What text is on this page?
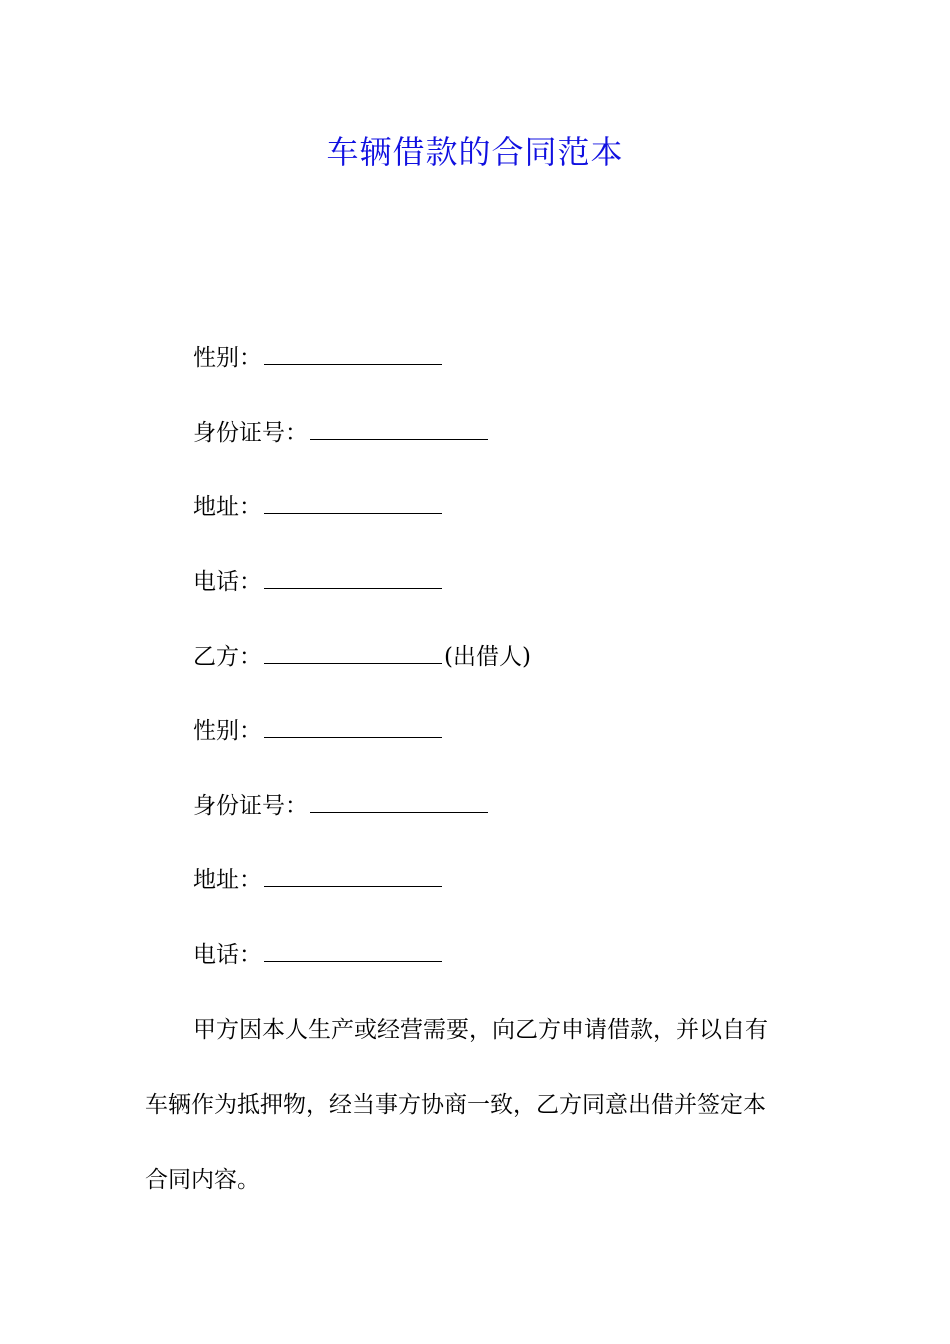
车辆借款的合同范本
性别：
身份证号：
地址：
电话：
乙方：	(出借人)
性别：
身份证号：
地址：
电话：
甲方因本人生产或经营需要，向乙方申请借款，并以自有
车辆作为抵押物，经当事方协商一致，乙方同意出借并签定本
合同内容。
